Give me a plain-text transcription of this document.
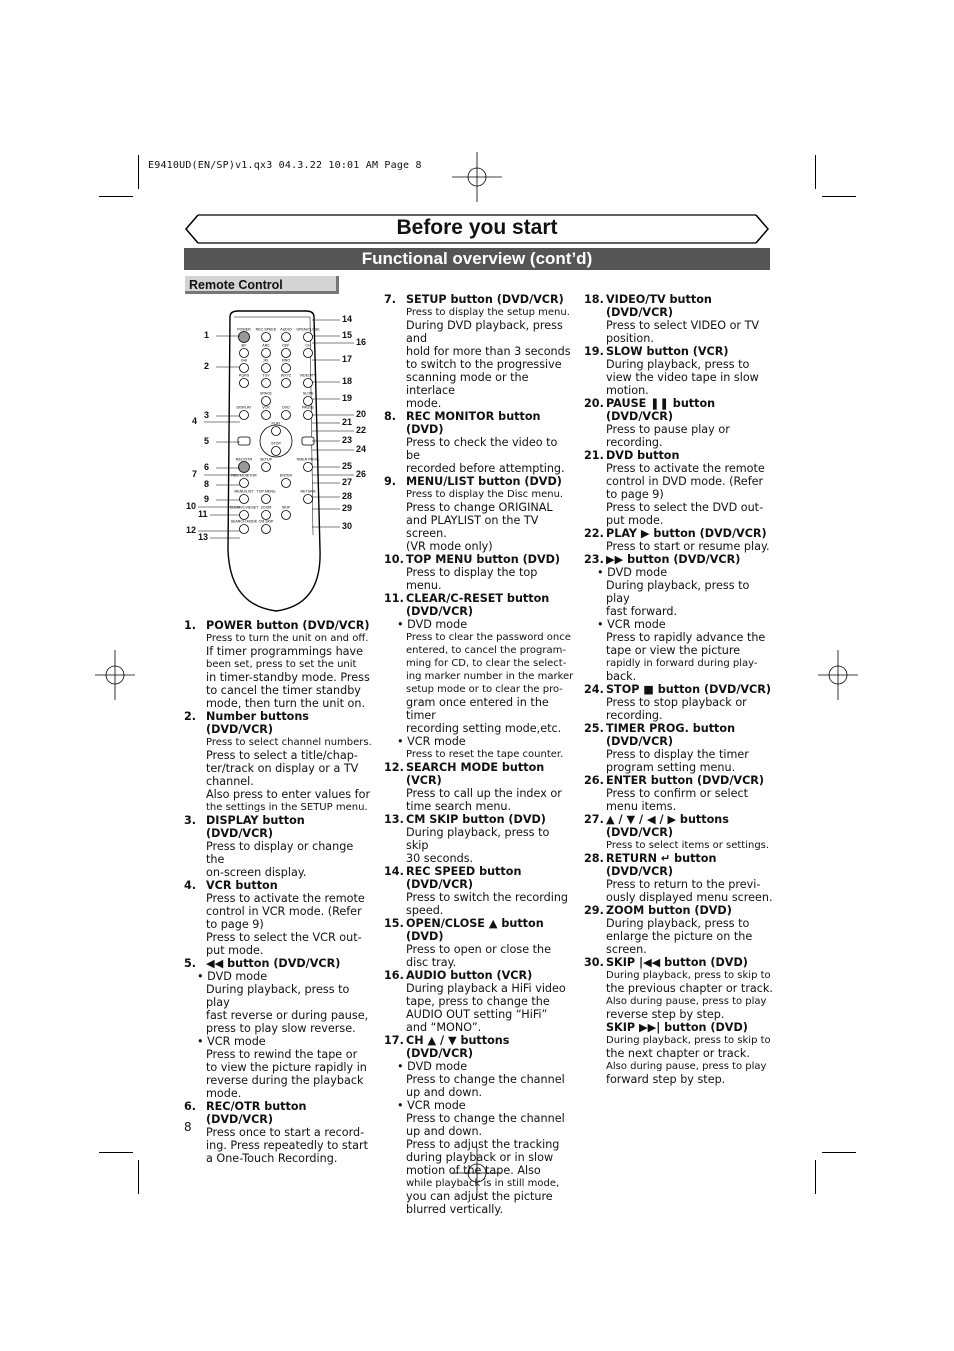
E9410UD(EN/SP)v1.qx3 04.3.22 10:01 AM Page 8
Before you start
Functional overview (cont’d)
Remote Control
POWER REC SPEED AUDIO OPEN/CLOSE
@/:	ABC	DEF	CH
GHI	JKL	MNO
PQRS	TUV	WXYZ VIDEO/TV
SPACE	SLOW
DISPLAY	VCR	DVD	PAUSE
PLAY
STOP
REC/OTR SETUP	TIMER PROG.
REC MONITOR	ENTER
MENU/LIST TOP MENU	RETURN
CLEAR/C-RESET ZOOM	SKIP
SEARCH MODE CM SKIP
1
2
3
4
5
6
7
8
9
10
11
12
13
14
15
16
17
18
19
20
21
22
23
24
25
26
27
28
29
30
1. POWER button (DVD/VCR)
Press to turn the unit on and off.
If timer programmings have
been set, press to set the unit
in timer-standby mode. Press
to cancel the timer standby
mode, then turn the unit on.
2. Number buttons (DVD/VCR)
Press to select channel numbers.
Press to select a title/chap-
ter/track on display or a TV
channel.
Also press to enter values for
the settings in the SETUP menu.
3. DISPLAY button (DVD/VCR)
Press to display or change the
on-screen display.
4. VCR button
Press to activate the remote
control in VCR mode. (Refer
to page 9)
Press to select the VCR out-
put mode.
5. ◀◀ button (DVD/VCR)
• DVD mode
During playback, press to play
fast reverse or during pause,
press to play slow reverse.
• VCR mode
Press to rewind the tape or
to view the picture rapidly in
reverse during the playback
mode.
6. REC/OTR button (DVD/VCR)
Press once to start a record-
ing. Press repeatedly to start
a One-Touch Recording.
7. SETUP button (DVD/VCR)
Press to display the setup menu.
During DVD playback, press and
hold for more than 3 seconds
to switch to the progressive
scanning mode or the interlace
mode.
8. REC MONITOR button (DVD)
Press to check the video to be
recorded before attempting.
9. MENU/LIST button (DVD)
Press to display the Disc menu.
Press to change ORIGINAL
and PLAYLIST on the TV
screen.
(VR mode only)
10. TOP MENU button (DVD)
Press to display the top menu.
11. CLEAR/C-RESET button (DVD/VCR)
• DVD mode
Press to clear the password once
entered, to cancel the program-
ming for CD, to clear the select-
ing marker number in the marker
setup mode or to clear the pro-
gram once entered in the timer
recording setting mode,etc.
• VCR mode
Press to reset the tape counter.
12. SEARCH MODE button (VCR)
Press to call up the index or
time search menu.
13. CM SKIP button (DVD)
During playback, press to skip
30 seconds.
14. REC SPEED button (DVD/VCR)
Press to switch the recording
speed.
15. OPEN/CLOSE ▲ button (DVD)
Press to open or close the
disc tray.
16. AUDIO button (VCR)
During playback a HiFi video
tape, press to change the
AUDIO OUT setting “HiFi”
and “MONO”.
17. CH ▲ / ▼ buttons (DVD/VCR)
• DVD mode
Press to change the channel
up and down.
• VCR mode
Press to change the channel
up and down.
Press to adjust the tracking
during playback or in slow
motion of the tape. Also
while playback is in still mode,
you can adjust the picture
blurred vertically.
18. VIDEO/TV button (DVD/VCR)
Press to select VIDEO or TV
position.
19. SLOW button (VCR)
During playback, press to
view the video tape in slow
motion.
20. PAUSE ❚❚ button (DVD/VCR)
Press to pause play or
recording.
21. DVD button
Press to activate the remote
control in DVD mode. (Refer
to page 9)
Press to select the DVD out-
put mode.
22. PLAY ▶ button (DVD/VCR)
Press to start or resume play.
23. ▶▶ button (DVD/VCR)
• DVD mode
During playback, press to play
fast forward.
• VCR mode
Press to rapidly advance the
tape or view the picture
rapidly in forward during play-
back.
24. STOP ■ button (DVD/VCR)
Press to stop playback or
recording.
25. TIMER PROG. button (DVD/VCR)
Press to display the timer
program setting menu.
26. ENTER button (DVD/VCR)
Press to confirm or select
menu items.
27. ▲ / ▼ / ◀ / ▶ buttons (DVD/VCR)
Press to select items or settings.
28. RETURN ↵ button (DVD/VCR)
Press to return to the previ-
ously displayed menu screen.
29. ZOOM button (DVD)
During playback, press to
enlarge the picture on the
screen.
30. SKIP |◀◀ button (DVD)
During playback, press to skip to
the previous chapter or track.
Also during pause, press to play
reverse step by step.
SKIP ▶▶| button (DVD)
During playback, press to skip to
the next chapter or track.
Also during pause, press to play
forward step by step.
8
